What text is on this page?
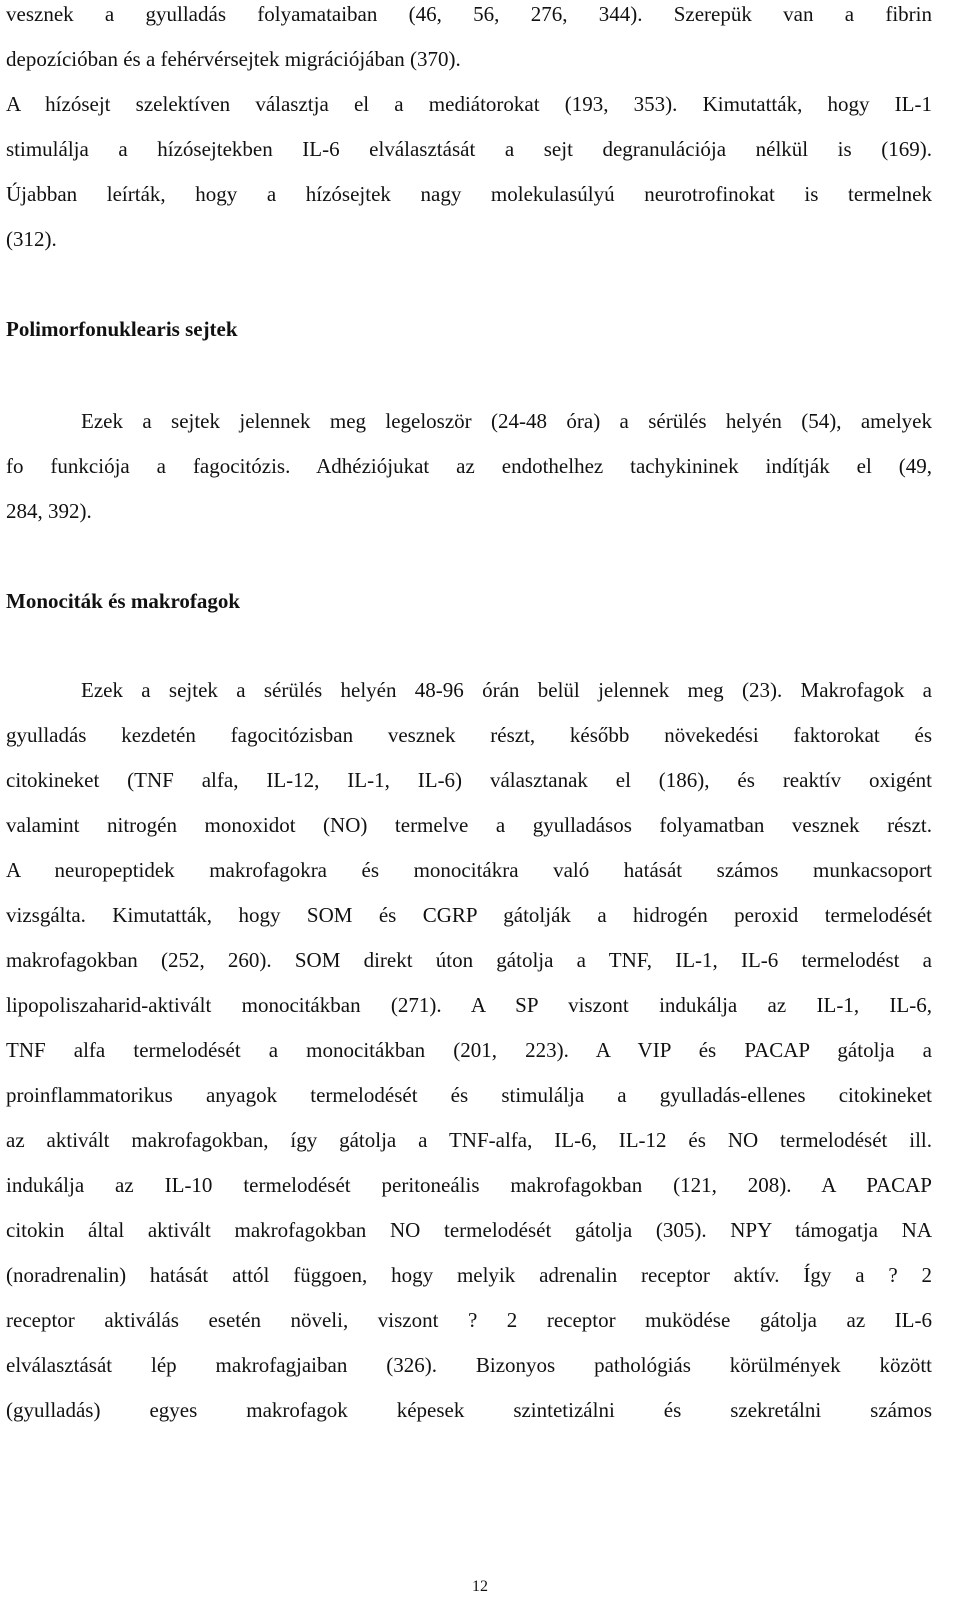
vesznek a gyulladás folyamataiban (46, 56, 276, 344). Szerepük van a fibrin
depozícióban és a fehérvérsejtek migrációjában (370).
A hízósejt szelektíven választja el a mediátorokat (193, 353). Kimutatták, hogy IL-1
stimulálja a hízósejtekben IL-6 elválasztását a sejt degranulációja nélkül is (169).
Újabban leírták, hogy a hízósejtek nagy molekulasúlyú neurotrofinokat is termelnek
(312).
Polimorfonuklearis sejtek
Ezek a sejtek jelennek meg legeloször (24-48 óra) a sérülés helyén (54), amelyek
fo funkciója a fagocitózis. Adhéziójukat az endothelhez tachykininek indítják el (49,
284, 392).
Monociták és makrofagok
Ezek a sejtek a sérülés helyén 48-96 órán belül jelennek meg (23). Makrofagok a
gyulladás kezdetén fagocitózisban vesznek részt, később növekedési faktorokat és
citokineket (TNF alfa, IL-12, IL-1, IL-6) választanak el (186), és reaktív oxigént
valamint nitrogén monoxidot (NO) termelve a gyulladásos folyamatban vesznek részt.
A neuropeptidek makrofagokra és monocitákra való hatását számos munkacsoport
vizsgálta. Kimutatták, hogy SOM és CGRP gátolják a hidrogén peroxid termelodését
makrofagokban (252, 260). SOM direkt úton gátolja a TNF, IL-1, IL-6 termelodést a
lipopoliszaharid-aktivált monocitákban (271). A SP viszont indukálja az IL-1, IL-6,
TNF alfa termelodését a monocitákban (201, 223). A VIP és PACAP gátolja a
proinflammatorikus anyagok termelodését és stimulálja a gyulladás-ellenes citokineket
az aktivált makrofagokban, így gátolja a TNF-alfa, IL-6, IL-12 és NO termelodését ill.
indukálja az IL-10 termelodését peritoneális makrofagokban (121, 208). A PACAP
citokin által aktivált makrofagokban NO termelodését gátolja (305). NPY támogatja NA
(noradrenalin) hatását attól függoen, hogy melyik adrenalin receptor aktív. Így a ? 2
receptor aktiválás esetén növeli, viszont ? 2 receptor muködése gátolja az IL-6
elválasztását lép makrofagjaiban (326). Bizonyos pathológiás körülmények között
(gyulladás) egyes makrofagok képesek szintetizálni és szekretálni számos
12
